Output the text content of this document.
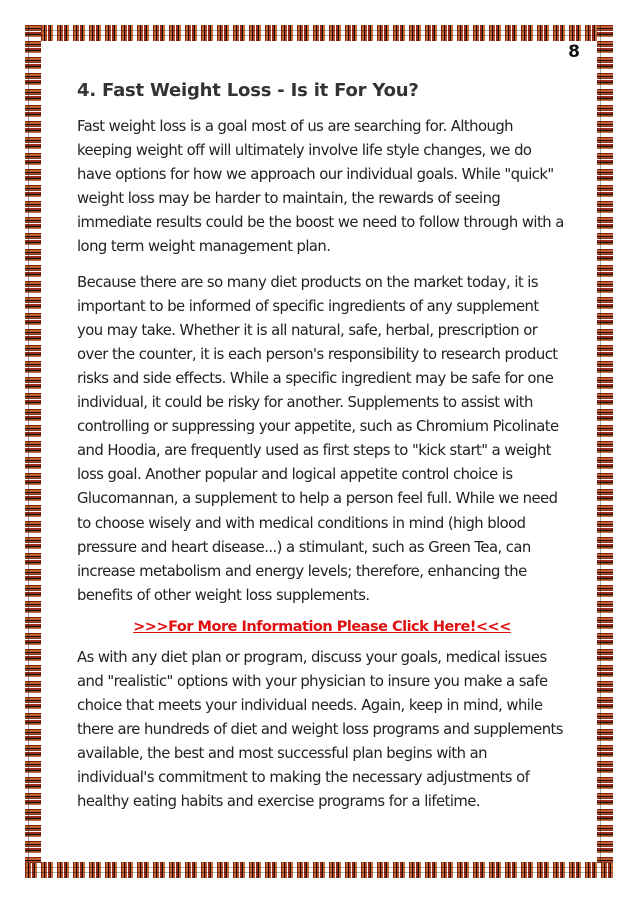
8
4. Fast Weight Loss - Is it For You?

Fast weight loss is a goal most of us are searching for. Although keeping weight off will ultimately involve life style changes, we do have options for how we approach our individual goals. While "quick" weight loss may be harder to maintain, the rewards of seeing immediate results could be the boost we need to follow through with a long term weight management plan.

Because there are so many diet products on the market today, it is important to be informed of specific ingredients of any supplement you may take. Whether it is all natural, safe, herbal, prescription or over the counter, it is each person's responsibility to research product risks and side effects. While a specific ingredient may be safe for one individual, it could be risky for another. Supplements to assist with controlling or suppressing your appetite, such as Chromium Picolinate and Hoodia, are frequently used as first steps to "kick start" a weight loss goal. Another popular and logical appetite control choice is Glucomannan, a supplement to help a person feel full. While we need to choose wisely and with medical conditions in mind (high blood pressure and heart disease...) a stimulant, such as Green Tea, can increase metabolism and energy levels; therefore, enhancing the benefits of other weight loss supplements.

>>>For More Information Please Click Here!<<<

As with any diet plan or program, discuss your goals, medical issues and "realistic" options with your physician to insure you make a safe choice that meets your individual needs. Again, keep in mind, while there are hundreds of diet and weight loss programs and supplements available, the best and most successful plan begins with an individual's commitment to making the necessary adjustments of healthy eating habits and exercise programs for a lifetime.
